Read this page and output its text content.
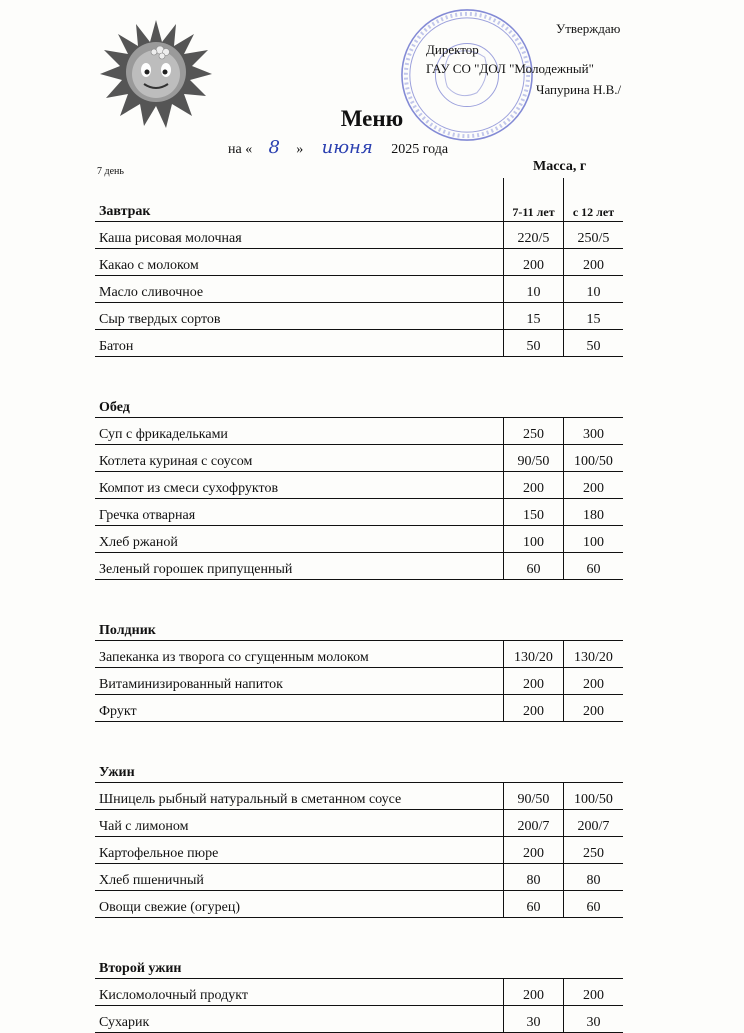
Утверждаю
Директор
ГАУ СО "ДОЛ "Молодежный"
Чапурина Н.В./
Меню
на « 8	»	июня	2025 года
7 день	Масса, г
Завтрак	7-11 лет	с 12 лет
Каша рисовая молочная	220/5	250/5
Какао с молоком	200	200
Масло сливочное	10	10
Сыр твердых сортов	15	15
Батон	50	50

Обед		
Суп с фрикадельками	250	300
Котлета куриная с соусом	90/50	100/50
Компот из смеси сухофруктов	200	200
Гречка отварная	150	180
Хлеб ржаной	100	100
Зеленый горошек припущенный	60	60

Полдник		
Запеканка из творога со сгущенным молоком	130/20	130/20
Витаминизированный напиток	200	200
Фрукт	200	200

Ужин		
Шницель рыбный натуральный в сметанном соусе	90/50	100/50
Чай с лимоном	200/7	200/7
Картофельное пюре	200	250
Хлеб пшеничный	80	80
Овощи свежие (огурец)	60	60

Второй ужин		
Кисломолочный продукт	200	200
Сухарик	30	30
